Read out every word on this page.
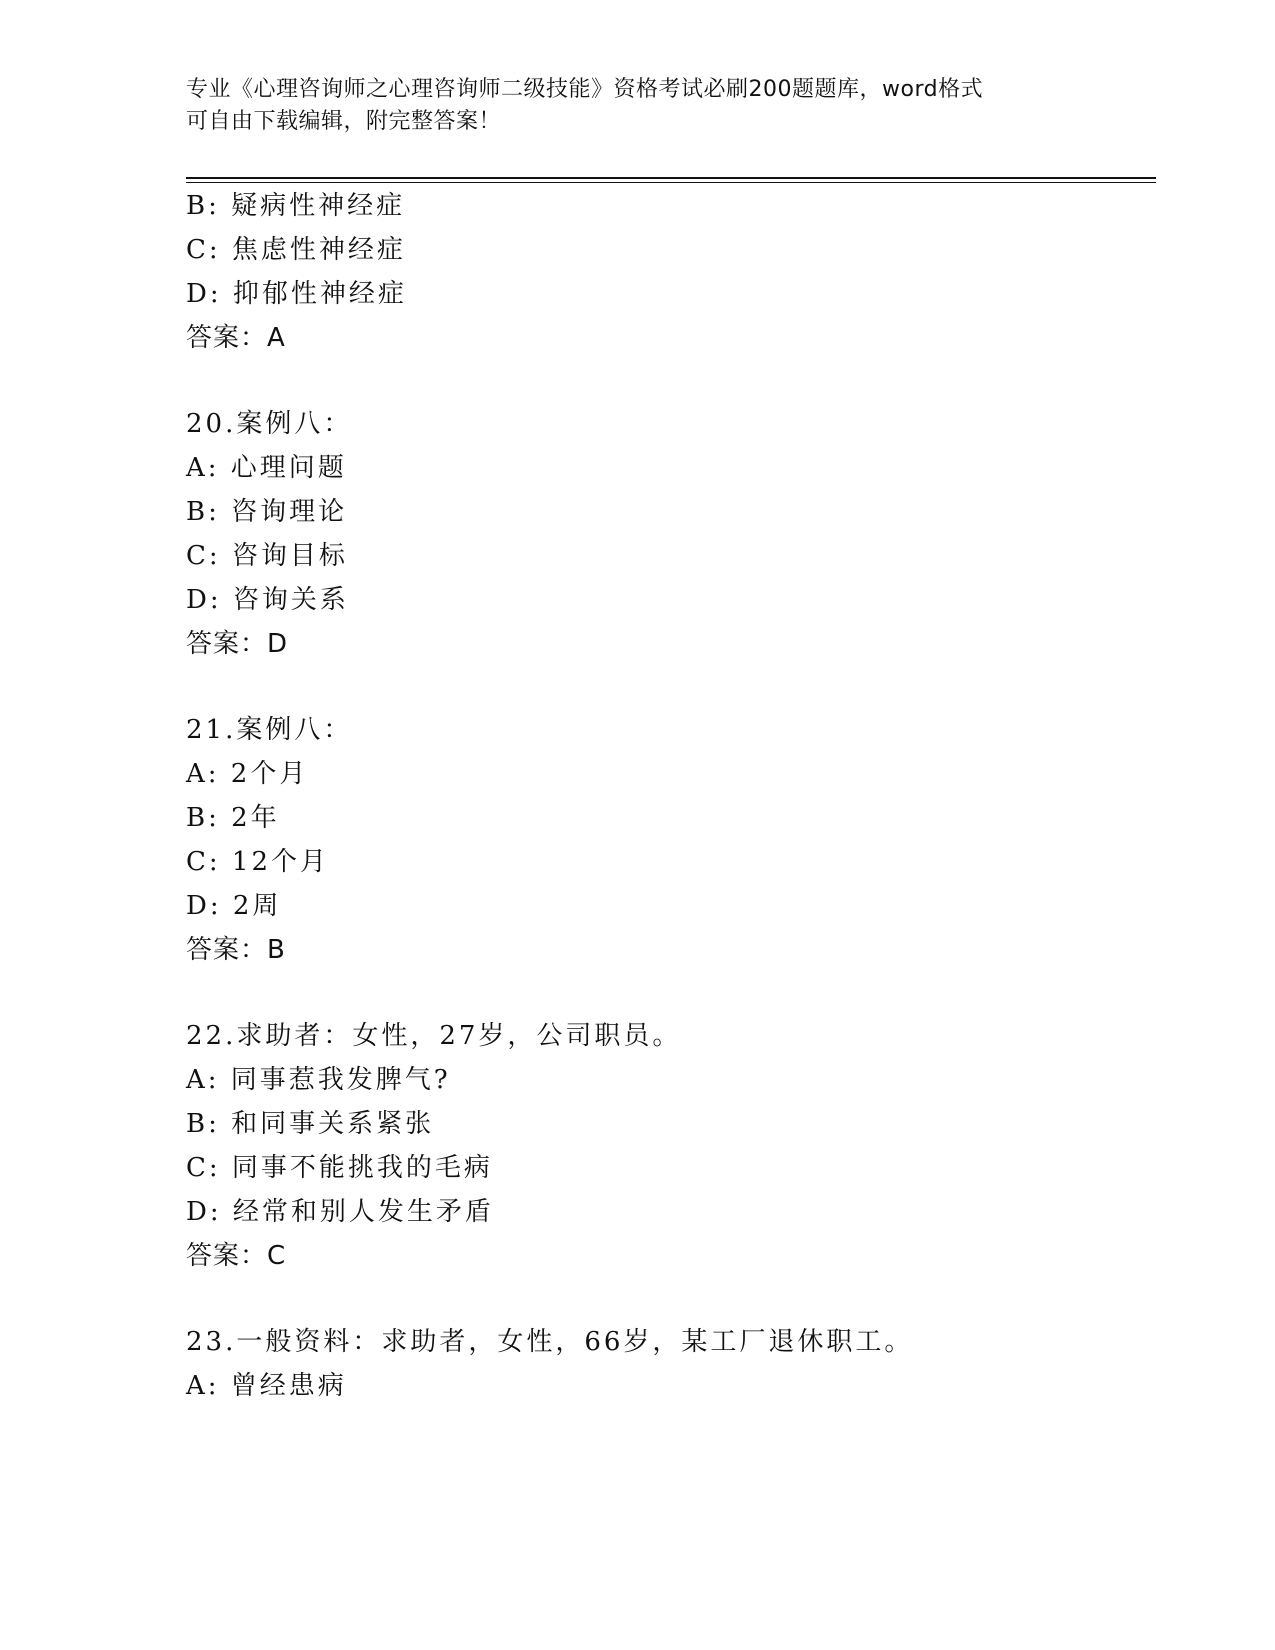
专业《心理咨询师之心理咨询师二级技能》资格考试必刷200题题库，word格式
可自由下载编辑，附完整答案！
B: 疑病性神经症
C: 焦虑性神经症
D: 抑郁性神经症
答案：A
20.案例八：
A: 心理问题
B: 咨询理论
C: 咨询目标
D: 咨询关系
答案：D
21.案例八：
A: 2个月
B: 2年
C: 12个月
D: 2周
答案：B
22.求助者：女性，27岁，公司职员。
A: 同事惹我发脾气?
B: 和同事关系紧张
C: 同事不能挑我的毛病
D: 经常和别人发生矛盾
答案：C
23.一般资料：求助者，女性，66岁，某工厂退休职工。
A: 曾经患病
